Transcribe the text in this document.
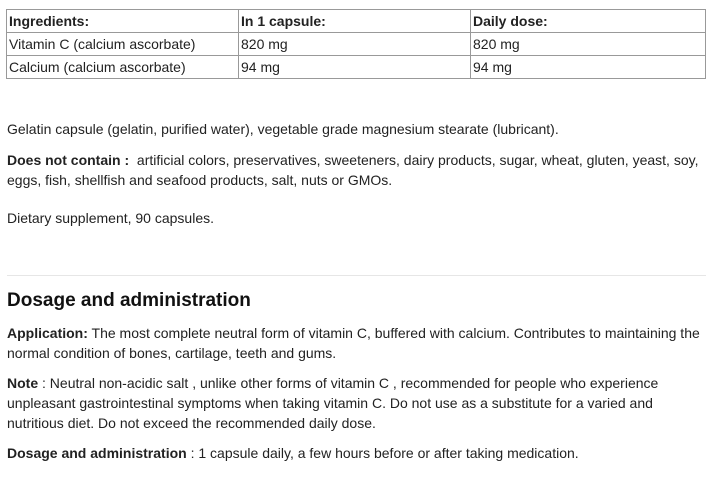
Ingredients:	In 1 capsule:	Daily dose:
Vitamin C (calcium ascorbate)	820 mg	820 mg
Calcium (calcium ascorbate)	94 mg	94 mg

Gelatin capsule (gelatin, purified water), vegetable grade magnesium stearate (lubricant).

Does not contain : artificial colors, preservatives, sweeteners, dairy products, sugar, wheat, gluten, yeast, soy, eggs, fish, shellfish and seafood products, salt, nuts or GMOs.

Dietary supplement, 90 capsules.

Dosage and administration

Application: The most complete neutral form of vitamin C, buffered with calcium. Contributes to maintaining the normal condition of bones, cartilage, teeth and gums.

Note : Neutral non-acidic salt , unlike other forms of vitamin C , recommended for people who experience unpleasant gastrointestinal symptoms when taking vitamin C. Do not use as a substitute for a varied and nutritious diet. Do not exceed the recommended daily dose.

Dosage and administration : 1 capsule daily, a few hours before or after taking medication.
